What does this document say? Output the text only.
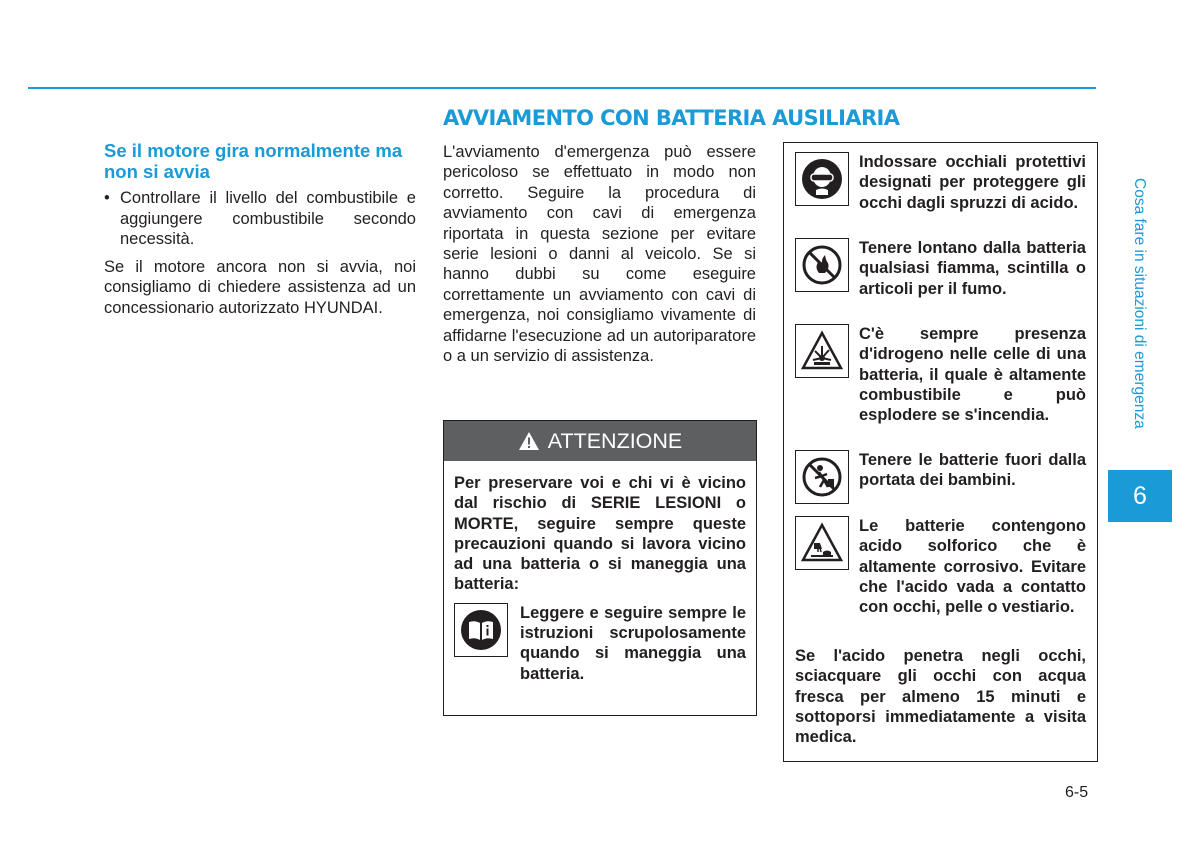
AVVIAMENTO CON BATTERIA AUSILIARIA
Se il motore gira normalmente ma non si avvia
• Controllare il livello del combustibile e aggiungere combustibile secondo necessità.
Se il motore ancora non si avvia, noi consigliamo di chiedere assistenza ad un concessionario autorizzato HYUNDAI.
L'avviamento d'emergenza può essere pericoloso se effettuato in modo non corretto. Seguire la procedura di avviamento con cavi di emergenza riportata in questa sezione per evitare serie lesioni o danni al veicolo. Se si hanno dubbi su come eseguire correttamente un avviamento con cavi di emergenza, noi consigliamo vivamente di affidarne l'esecuzione ad un autoriparatore o a un servizio di assistenza.
ATTENZIONE
Per preservare voi e chi vi è vicino dal rischio di SERIE LESIONI o MORTE, seguire sempre queste precauzioni quando si lavora vicino ad una batteria o si maneggia una batteria:
Leggere e seguire sempre le istruzioni scrupolosamente quando si maneggia una batteria.
Indossare occhiali protettivi designati per proteggere gli occhi dagli spruzzi di acido.
Tenere lontano dalla batteria qualsiasi fiamma, scintilla o articoli per il fumo.
C'è sempre presenza d'idrogeno nelle celle di una batteria, il quale è altamente combustibile e può esplodere se s'incendia.
Tenere le batterie fuori dalla portata dei bambini.
Le batterie contengono acido solforico che è altamente corrosivo. Evitare che l'acido vada a contatto con occhi, pelle o vestiario.
Se l'acido penetra negli occhi, sciacquare gli occhi con acqua fresca per almeno 15 minuti e sottoporsi immediatamente a visita medica.
Cosa fare in situazioni di emergenza
6
6-5
